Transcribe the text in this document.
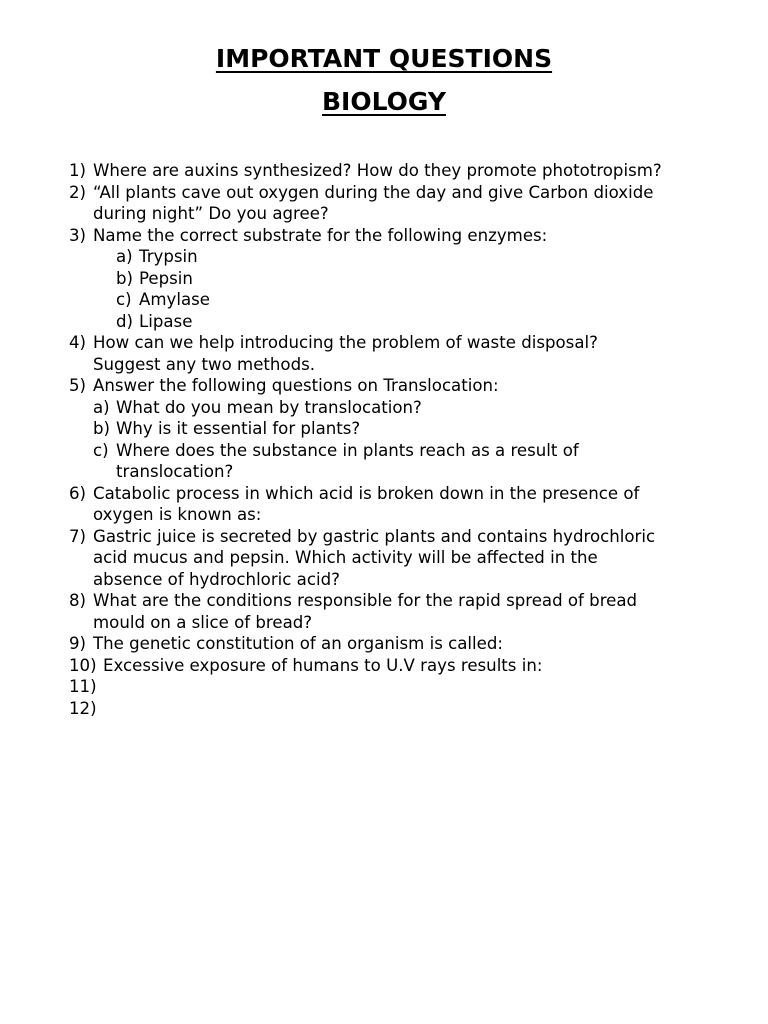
IMPORTANT QUESTIONS
BIOLOGY
1) Where are auxins synthesized? How do they promote phototropism?
2) “All plants cave out oxygen during the day and give Carbon dioxide
during night” Do you agree?
3) Name the correct substrate for the following enzymes:
a) Trypsin
b) Pepsin
c) Amylase
d) Lipase
4) How can we help introducing the problem of waste disposal?
Suggest any two methods.
5) Answer the following questions on Translocation:
a) What do you mean by translocation?
b) Why is it essential for plants?
c) Where does the substance in plants reach as a result of
translocation?
6) Catabolic process in which acid is broken down in the presence of
oxygen is known as:
7) Gastric juice is secreted by gastric plants and contains hydrochloric
acid mucus and pepsin. Which activity will be affected in the
absence of hydrochloric acid?
8) What are the conditions responsible for the rapid spread of bread
mould on a slice of bread?
9) The genetic constitution of an organism is called:
10) Excessive exposure of humans to U.V rays results in:
11)

12)
